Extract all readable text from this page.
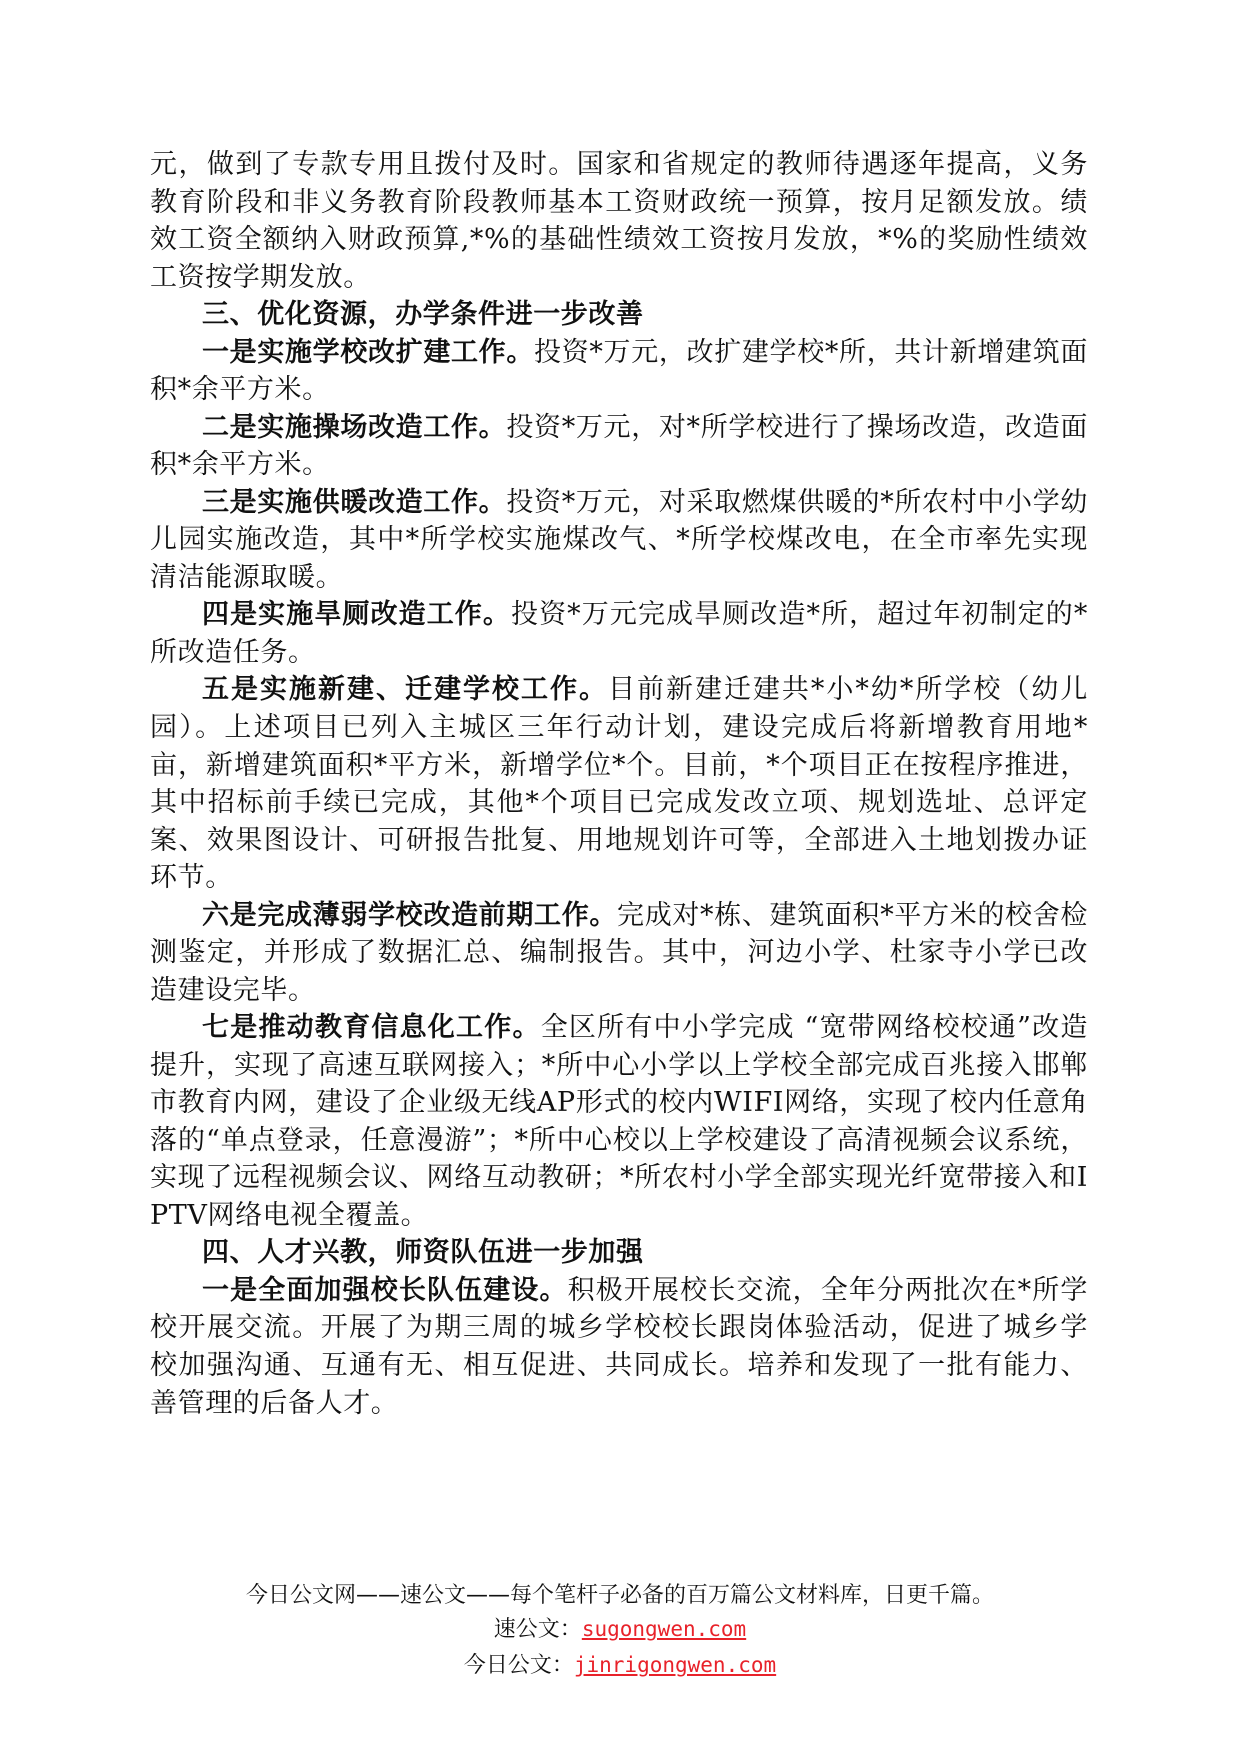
元，做到了专款专用且拨付及时。国家和省规定的教师待遇逐年提高，义务教育阶段和非义务教育阶段教师基本工资财政统一预算，按月足额发放。绩效工资全额纳入财政预算,*%的基础性绩效工资按月发放，*%的奖励性绩效工资按学期发放。

三、优化资源，办学条件进一步改善

一是实施学校改扩建工作。投资*万元，改扩建学校*所，共计新增建筑面积*余平方米。

二是实施操场改造工作。投资*万元，对*所学校进行了操场改造，改造面积*余平方米。

三是实施供暖改造工作。投资*万元，对采取燃煤供暖的*所农村中小学幼儿园实施改造，其中*所学校实施煤改气、*所学校煤改电，在全市率先实现清洁能源取暖。

四是实施旱厕改造工作。投资*万元完成旱厕改造*所，超过年初制定的*所改造任务。

五是实施新建、迁建学校工作。目前新建迁建共*小*幼*所学校（幼儿园）。上述项目已列入主城区三年行动计划，建设完成后将新增教育用地*亩，新增建筑面积*平方米，新增学位*个。目前，*个项目正在按程序推进，其中招标前手续已完成，其他*个项目已完成发改立项、规划选址、总评定案、效果图设计、可研报告批复、用地规划许可等，全部进入土地划拨办证环节。

六是完成薄弱学校改造前期工作。完成对*栋、建筑面积*平方米的校舍检测鉴定，并形成了数据汇总、编制报告。其中，河边小学、杜家寺小学已改造建设完毕。

七是推动教育信息化工作。全区所有中小学完成 “宽带网络校校通”改造提升，实现了高速互联网接入；*所中心小学以上学校全部完成百兆接入邯郸市教育内网，建设了企业级无线AP形式的校内WIFI网络，实现了校内任意角落的“单点登录，任意漫游”；*所中心校以上学校建设了高清视频会议系统，实现了远程视频会议、网络互动教研；*所农村小学全部实现光纤宽带接入和IPTV网络电视全覆盖。

四、人才兴教，师资队伍进一步加强

一是全面加强校长队伍建设。积极开展校长交流，全年分两批次在*所学校开展交流。开展了为期三周的城乡学校校长跟岗体验活动，促进了城乡学校加强沟通、互通有无、相互促进、共同成长。培养和发现了一批有能力、善管理的后备人才。

今日公文网——速公文——每个笔杆子必备的百万篇公文材料库，日更千篇。
速公文：sugongwen.com
今日公文：jinrigongwen.com
